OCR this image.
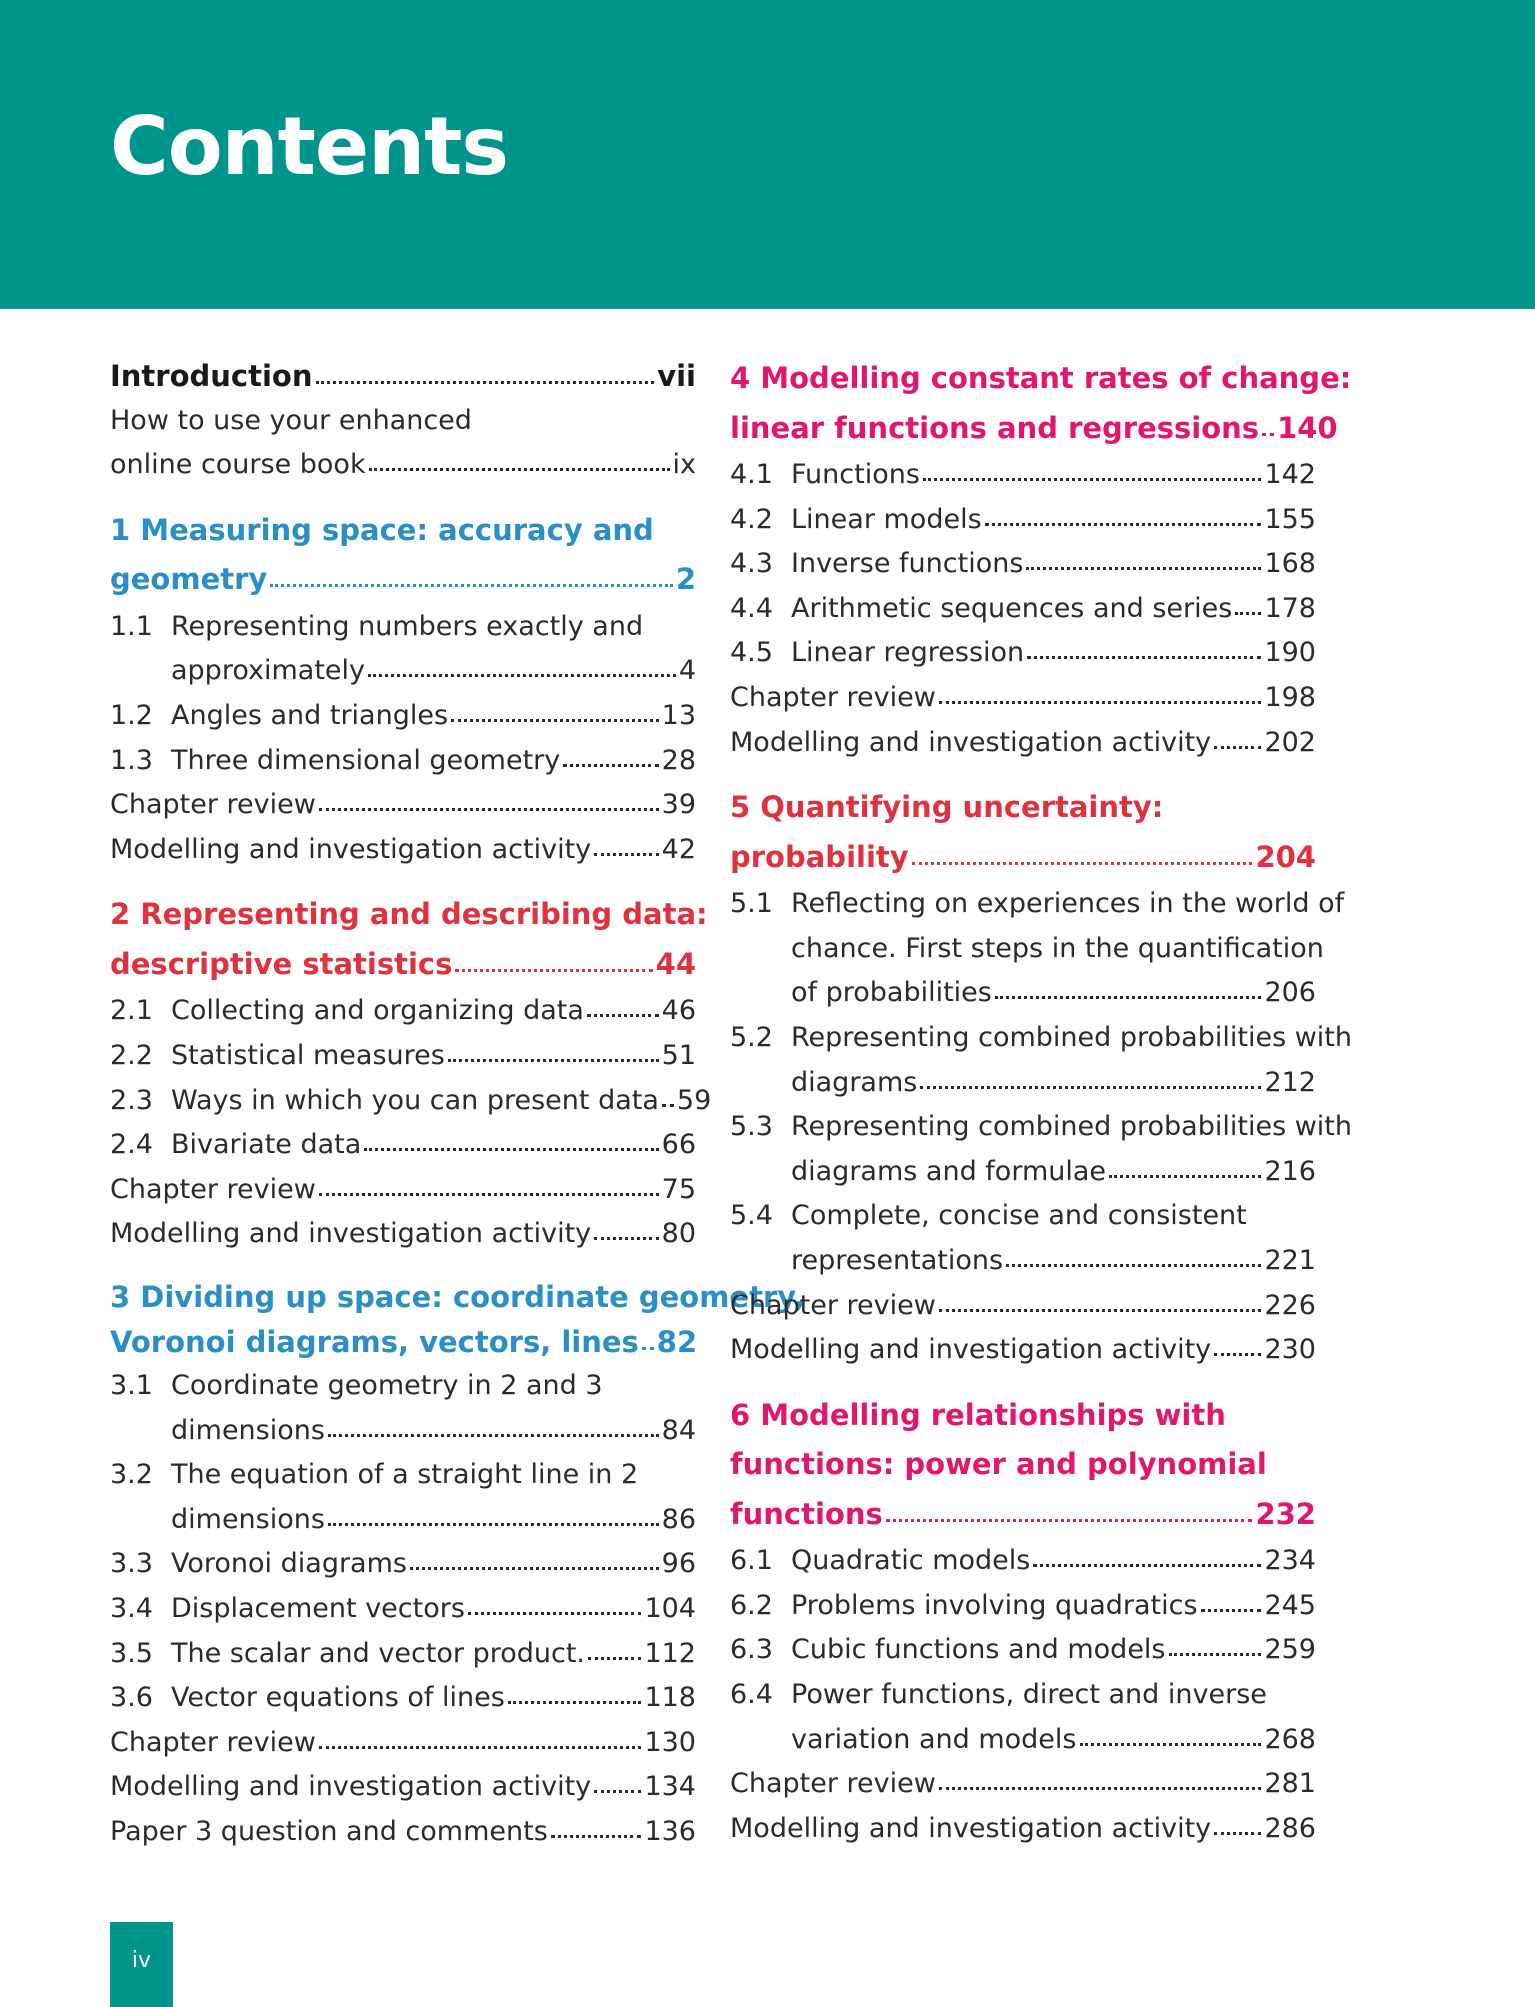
Contents
Introduction	vii
How to use your enhanced
online course book	ix
1 Measuring space: accuracy and
geometry	2
1.1 Representing numbers exactly and
approximately	4
1.2 Angles and triangles	13
1.3 Three dimensional geometry	28
Chapter review	39
Modelling and investigation activity	42
2 Representing and describing data:
descriptive statistics	44
2.1 Collecting and organizing data	46
2.2 Statistical measures	51
2.3 Ways in which you can present data 59
2.4 Bivariate data	66
Chapter review	75
Modelling and investigation activity	80
3 Dividing up space: coordinate geometry,
Voronoi diagrams, vectors, lines 82
3.1 Coordinate geometry in 2 and 3
dimensions	84
3.2 The equation of a straight line in 2
dimensions	86
3.3 Voronoi diagrams	96
3.4 Displacement vectors	104
3.5 The scalar and vector product. 112
3.6 Vector equations of lines	118
Chapter review	130
Modelling and investigation activity 134
Paper 3 question and comments	136
4 Modelling constant rates of change:
linear functions and regressions 140
4.1 Functions	142
4.2 Linear models	155
4.3 Inverse functions	168
4.4 Arithmetic sequences and series 178
4.5 Linear regression	190
Chapter review	198
Modelling and investigation activity 202
5 Quantifying uncertainty:
probability	204
5.1 Reflecting on experiences in the world of
chance. First steps in the quantification
of probabilities	206
5.2 Representing combined probabilities with
diagrams	212
5.3 Representing combined probabilities with
diagrams and formulae	216
5.4 Complete, concise and consistent
representations	221
Chapter review	226
Modelling and investigation activity 230
6 Modelling relationships with
functions: power and polynomial
functions	232
6.1 Quadratic models	234
6.2 Problems involving quadratics 245
6.3 Cubic functions and models	259
6.4 Power functions, direct and inverse
variation and models	268
Chapter review	281
Modelling and investigation activity 286
iv
